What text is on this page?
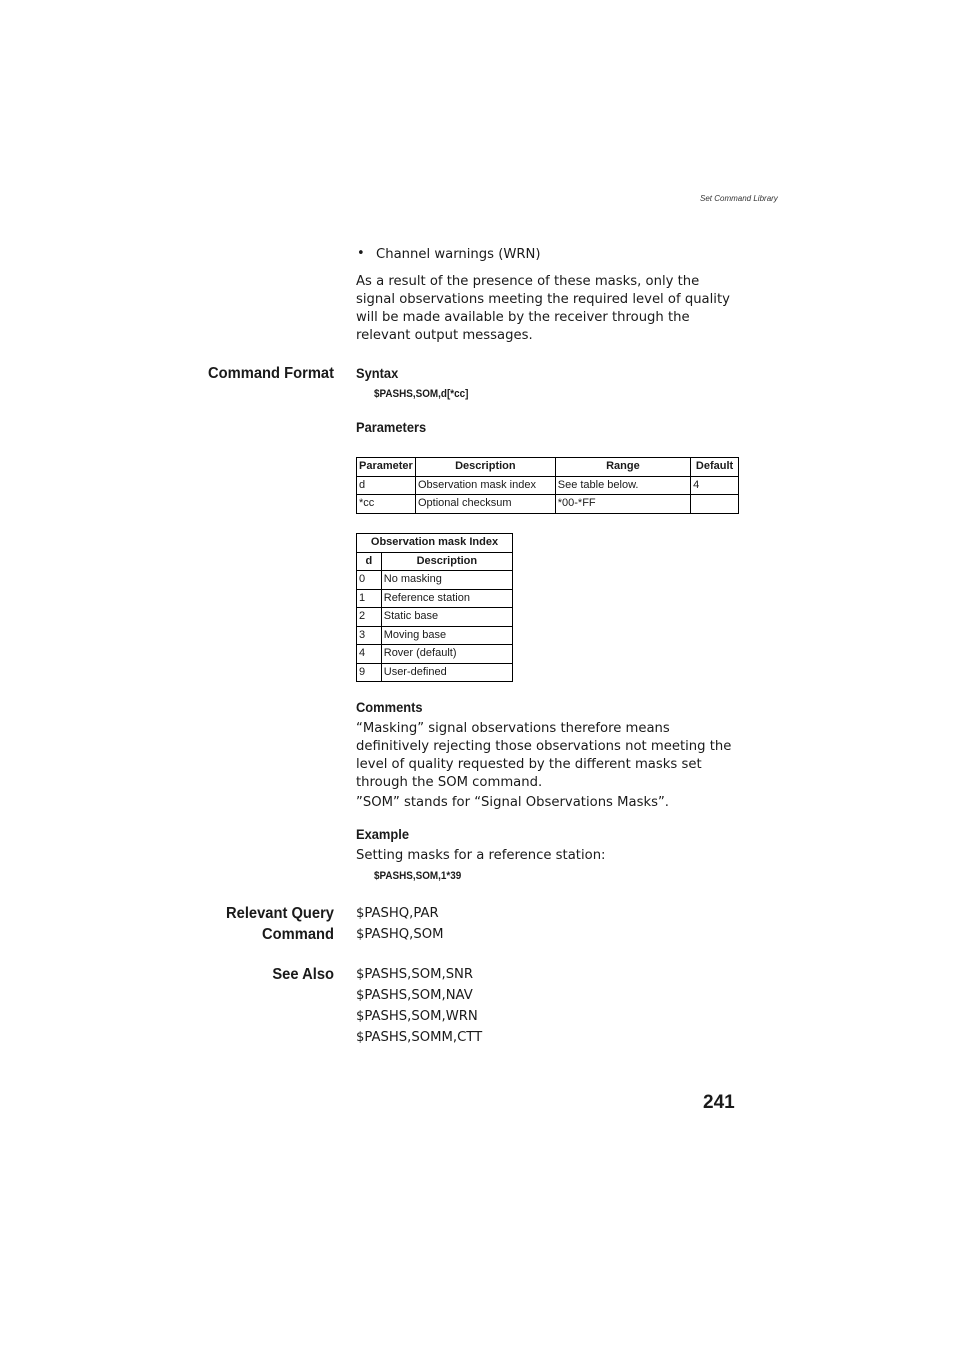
Set Command Library
• Channel warnings (WRN)
As a result of the presence of these masks, only the signal observations meeting the required level of quality will be made available by the receiver through the relevant output messages.
Command Format Syntax
$PASHS,SOM,d[*cc]
Parameters
Parameter	Description	Range	Default
d	Observation mask index	See table below.	4
*cc	Optional checksum	*00-*FF	
Observation mask Index	
d	Description
0	No masking
1	Reference station
2	Static base
3	Moving base
4	Rover (default)
9	User-defined
Comments
“Masking” signal observations therefore means definitively rejecting those observations not meeting the level of quality requested by the different masks set through the SOM command.
”SOM” stands for “Signal Observations Masks”.
Example
Setting masks for a reference station:
$PASHS,SOM,1*39
Relevant Query
Command
$PASHQ,PAR
$PASHQ,SOM
See Also $PASHS,SOM,SNR
$PASHS,SOM,NAV
$PASHS,SOM,WRN
$PASHS,SOMM,CTT
241
